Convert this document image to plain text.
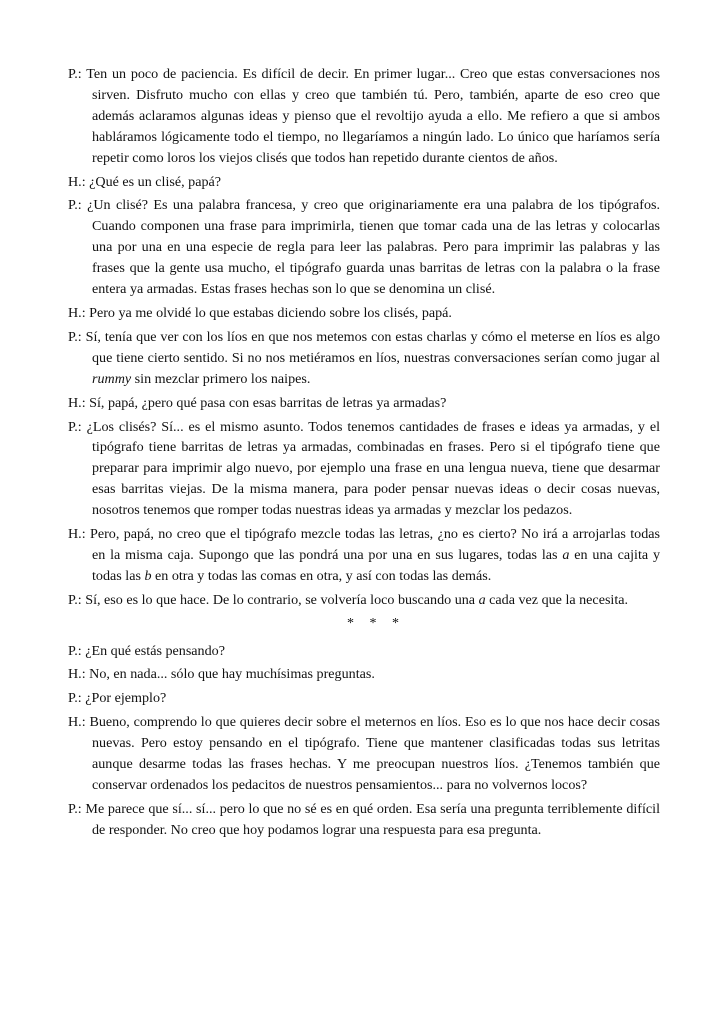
P.: Ten un poco de paciencia. Es difícil de decir. En primer lugar... Creo que estas conversaciones nos sirven. Disfruto mucho con ellas y creo que también tú. Pero, también, aparte de eso creo que además aclaramos algunas ideas y pienso que el revoltijo ayuda a ello. Me refiero a que si ambos habláramos lógicamente todo el tiempo, no llegaríamos a ningún lado. Lo único que haríamos sería repetir como loros los viejos clisés que todos han repetido durante cientos de años.

H.: ¿Qué es un clisé, papá?

P.: ¿Un clisé? Es una palabra francesa, y creo que originariamente era una palabra de los tipógrafos. Cuando componen una frase para imprimirla, tienen que tomar cada una de las letras y colocarlas una por una en una especie de regla para leer las palabras. Pero para imprimir las palabras y las frases que la gente usa mucho, el tipógrafo guarda unas barritas de letras con la palabra o la frase entera ya armadas. Estas frases hechas son lo que se denomina un clisé.

H.: Pero ya me olvidé lo que estabas diciendo sobre los clisés, papá.

P.: Sí, tenía que ver con los líos en que nos metemos con estas charlas y cómo el meterse en líos es algo que tiene cierto sentido. Si no nos metiéramos en líos, nuestras conversaciones serían como jugar al rummy sin mezclar primero los naipes.

H.: Sí, papá, ¿pero qué pasa con esas barritas de letras ya armadas?

P.: ¿Los clisés? Sí... es el mismo asunto. Todos tenemos cantidades de frases e ideas ya armadas, y el tipógrafo tiene barritas de letras ya armadas, combinadas en frases. Pero si el tipógrafo tiene que preparar para imprimir algo nuevo, por ejemplo una frase en una lengua nueva, tiene que desarmar esas barritas viejas. De la misma manera, para poder pensar nuevas ideas o decir cosas nuevas, nosotros tenemos que romper todas nuestras ideas ya armadas y mezclar los pedazos.

H.: Pero, papá, no creo que el tipógrafo mezcle todas las letras, ¿no es cierto? No irá a arrojarlas todas en la misma caja. Supongo que las pondrá una por una en sus lugares, todas las a en una cajita y todas las b en otra y todas las comas en otra, y así con todas las demás.

P.: Sí, eso es lo que hace. De lo contrario, se volvería loco buscando una a cada vez que la necesita.

* * *

P.: ¿En qué estás pensando?

H.: No, en nada... sólo que hay muchísimas preguntas.

P.: ¿Por ejemplo?

H.: Bueno, comprendo lo que quieres decir sobre el meternos en líos. Eso es lo que nos hace decir cosas nuevas. Pero estoy pensando en el tipógrafo. Tiene que mantener clasificadas todas sus letritas aunque desarme todas las frases hechas. Y me preocupan nuestros líos. ¿Tenemos también que conservar ordenados los pedacitos de nuestros pensamientos... para no volvernos locos?

P.: Me parece que sí... sí... pero lo que no sé es en qué orden. Esa sería una pregunta terriblemente difícil de responder. No creo que hoy podamos lograr una respuesta para esa pregunta.
